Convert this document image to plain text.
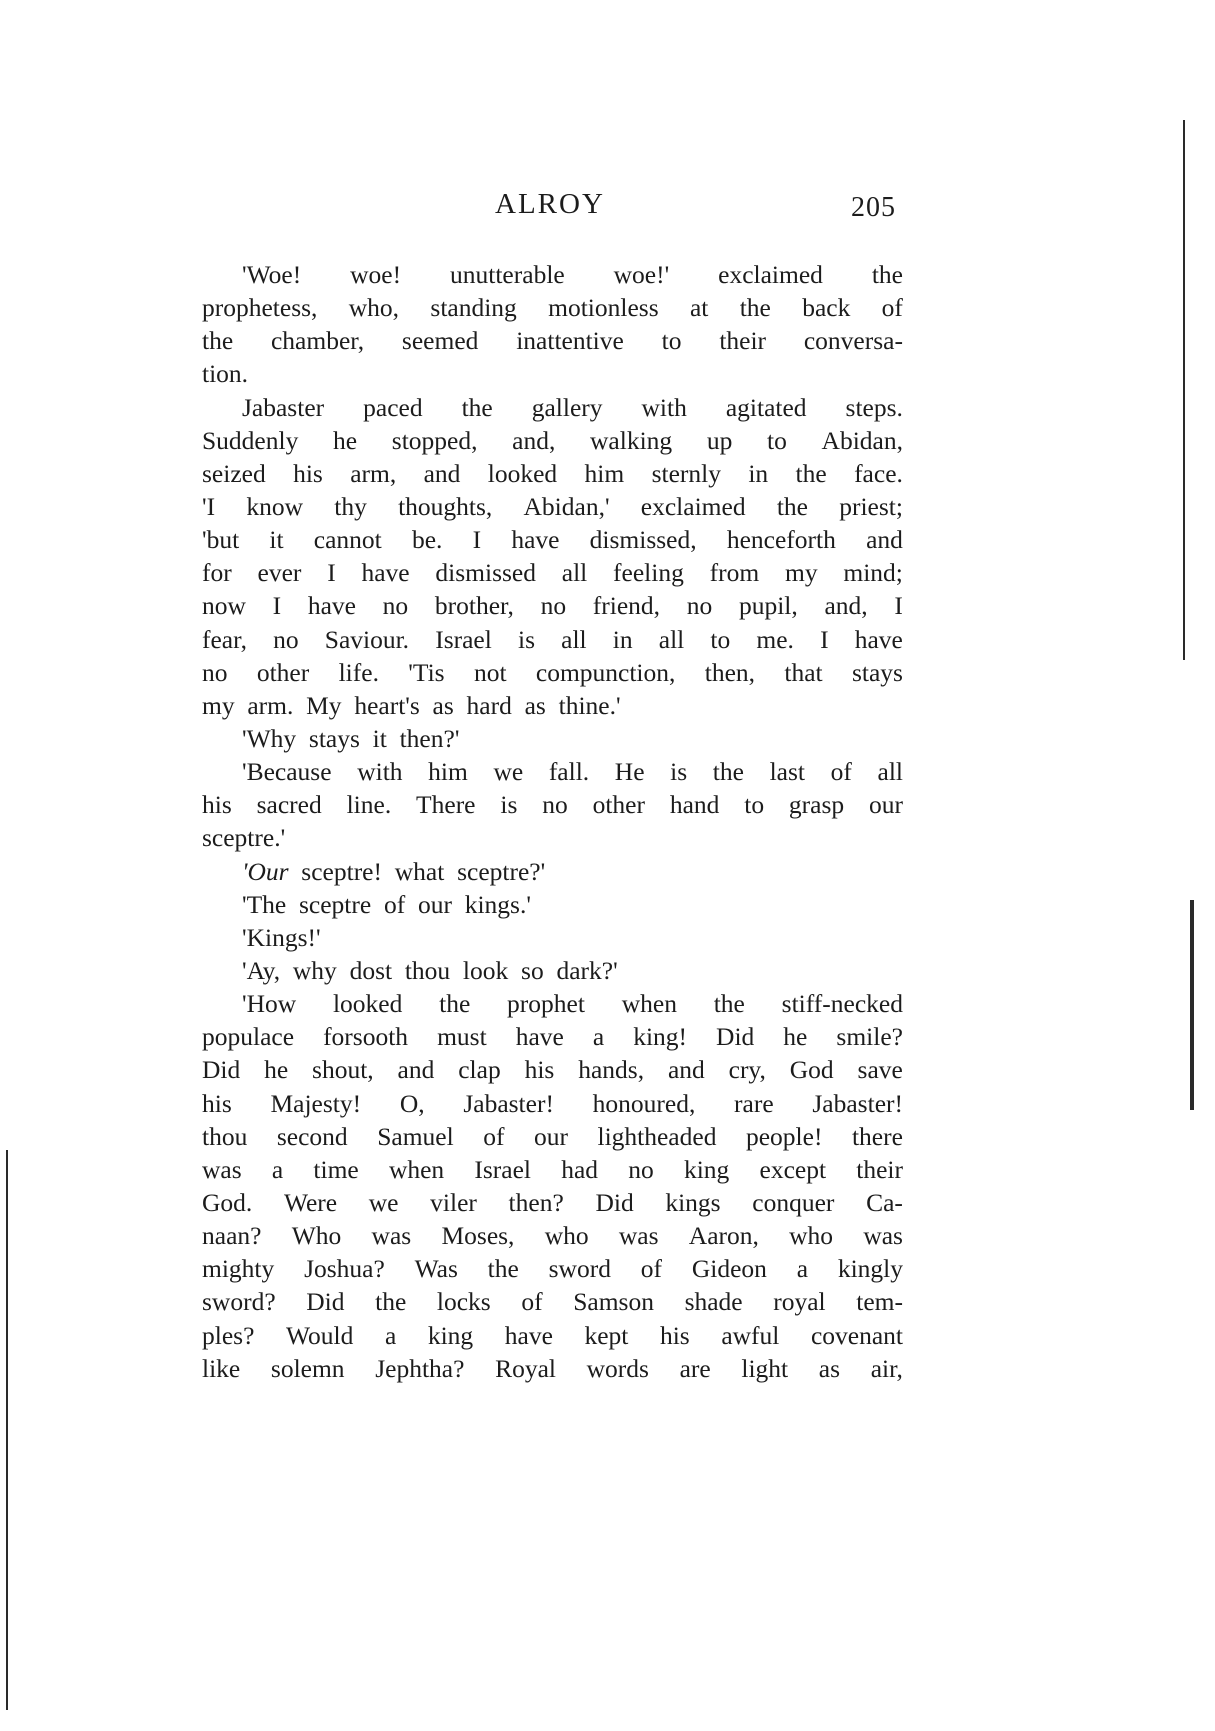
ALROY	205
'Woe! woe! unutterable woe!' exclaimed the
prophetess, who, standing motionless at the back of
the chamber, seemed inattentive to their conversa-
tion.
Jabaster paced the gallery with agitated steps.
Suddenly he stopped, and, walking up to Abidan,
seized his arm, and looked him sternly in the face.
'I know thy thoughts, Abidan,' exclaimed the priest;
'but it cannot be. I have dismissed, henceforth and
for ever I have dismissed all feeling from my mind;
now I have no brother, no friend, no pupil, and, I
fear, no Saviour. Israel is all in all to me. I have
no other life. 'Tis not compunction, then, that stays
my arm. My heart's as hard as thine.'
'Why stays it then?'
'Because with him we fall. He is the last of all
his sacred line. There is no other hand to grasp our
sceptre.'
'Our sceptre! what sceptre?'
'The sceptre of our kings.'
'Kings!'
'Ay, why dost thou look so dark?'
'How looked the prophet when the stiff-necked
populace forsooth must have a king! Did he smile?
Did he shout, and clap his hands, and cry, God save
his Majesty! O, Jabaster! honoured, rare Jabaster!
thou second Samuel of our lightheaded people! there
was a time when Israel had no king except their
God. Were we viler then? Did kings conquer Ca-
naan? Who was Moses, who was Aaron, who was
mighty Joshua? Was the sword of Gideon a kingly
sword? Did the locks of Samson shade royal tem-
ples? Would a king have kept his awful covenant
like solemn Jephtha? Royal words are light as air,
